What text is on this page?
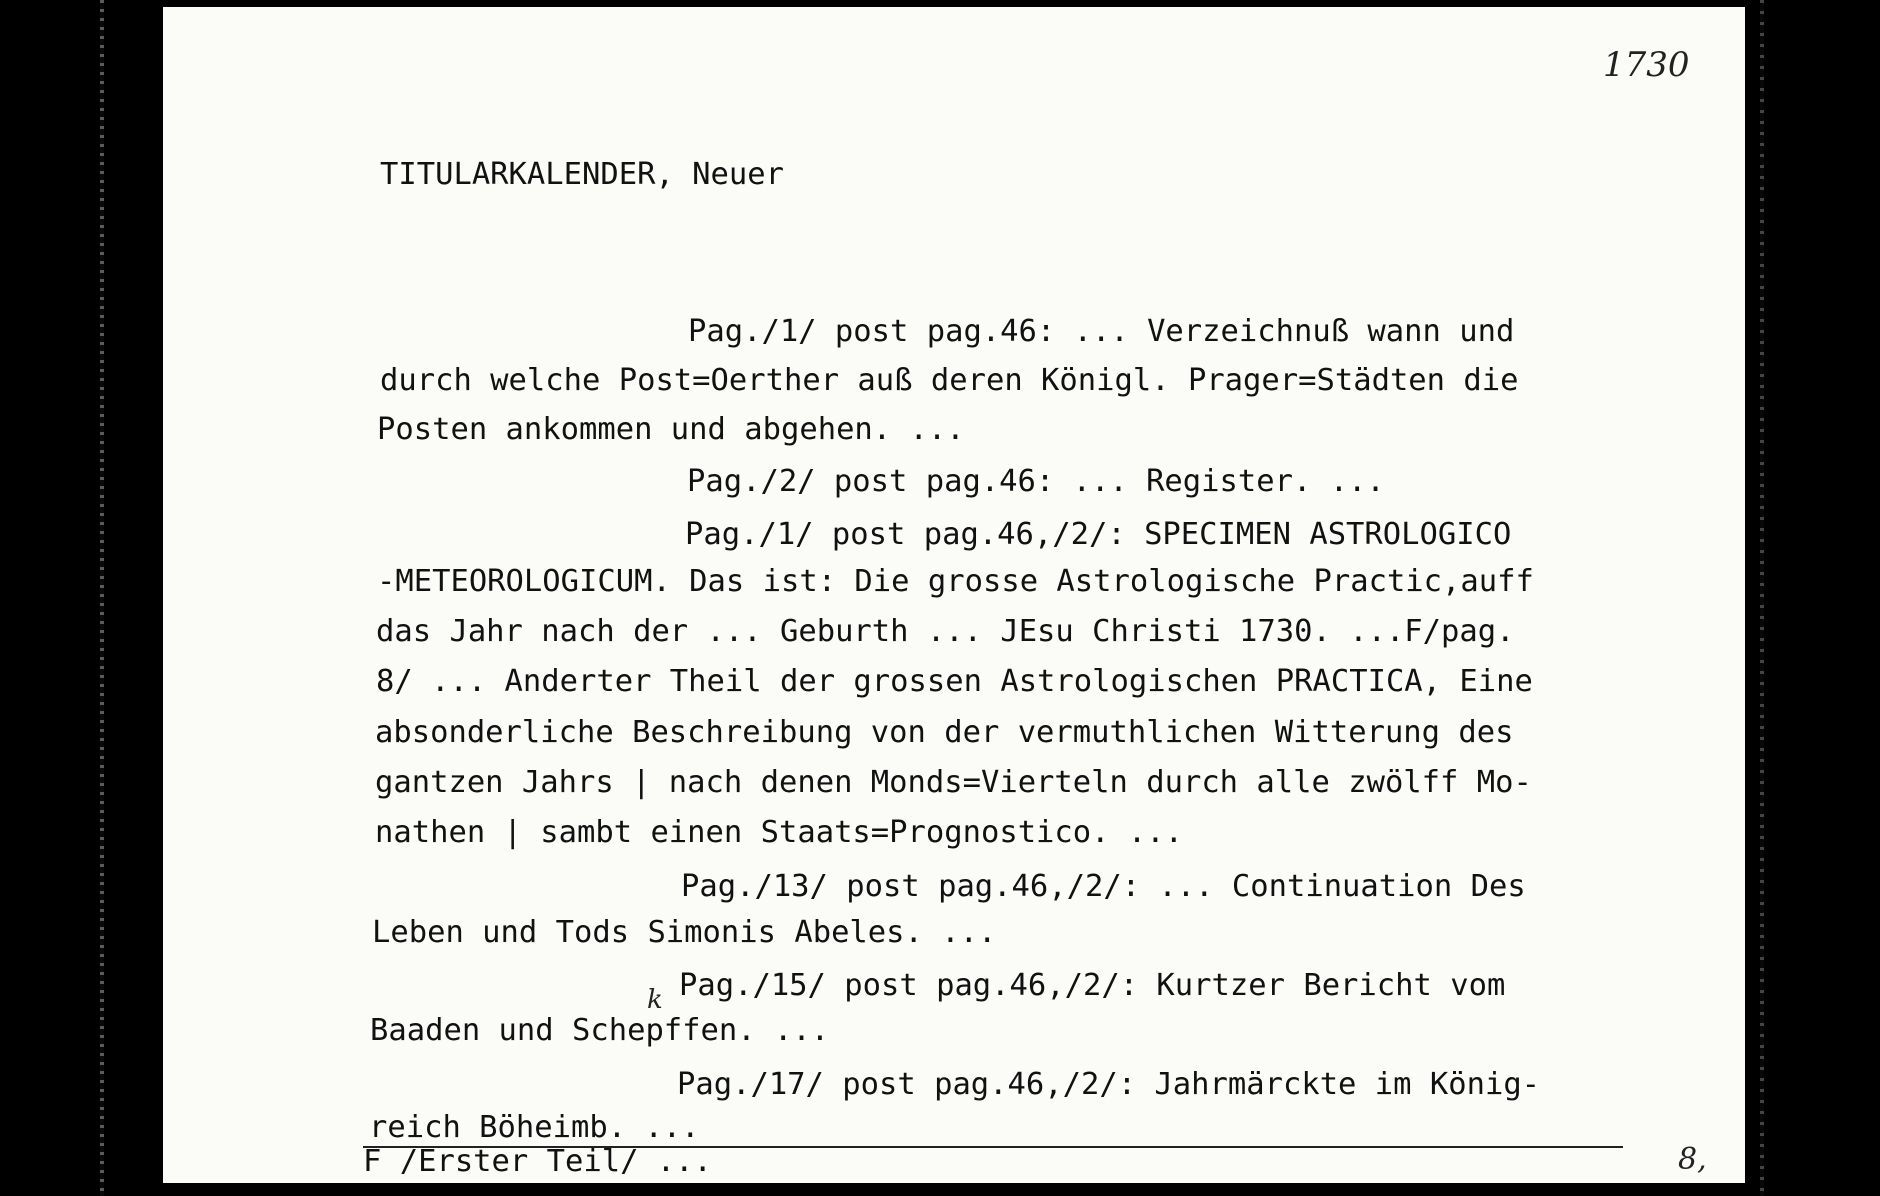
1730
TITULARKALENDER, Neuer
Pag./1/ post pag.46: ... Verzeichnuß wann und
durch welche Post=Oerther auß deren Königl. Prager=Städten die
Posten ankommen und abgehen. ...
Pag./2/ post pag.46: ... Register. ...
Pag./1/ post pag.46,/2/: SPECIMEN ASTROLOGICO
-METEOROLOGICUM. Das ist: Die grosse Astrologische Practic,auff
das Jahr nach der ... Geburth ... JEsu Christi 1730. ...F/pag.
8/ ... Anderter Theil der grossen Astrologischen PRACTICA, Eine
absonderliche Beschreibung von der vermuthlichen Witterung des
gantzen Jahrs | nach denen Monds=Vierteln durch alle zwölff Mo-
nathen | sambt einen Staats=Prognostico. ...
Pag./13/ post pag.46,/2/: ... Continuation Des
Leben und Tods Simonis Abeles. ...
Pag./15/ post pag.46,/2/: Kurtzer Bericht vom
Baaden und Schepffen. ...
k
Pag./17/ post pag.46,/2/: Jahrmärckte im König-
reich Böheimb. ...
F /Erster Teil/ ...	8,
